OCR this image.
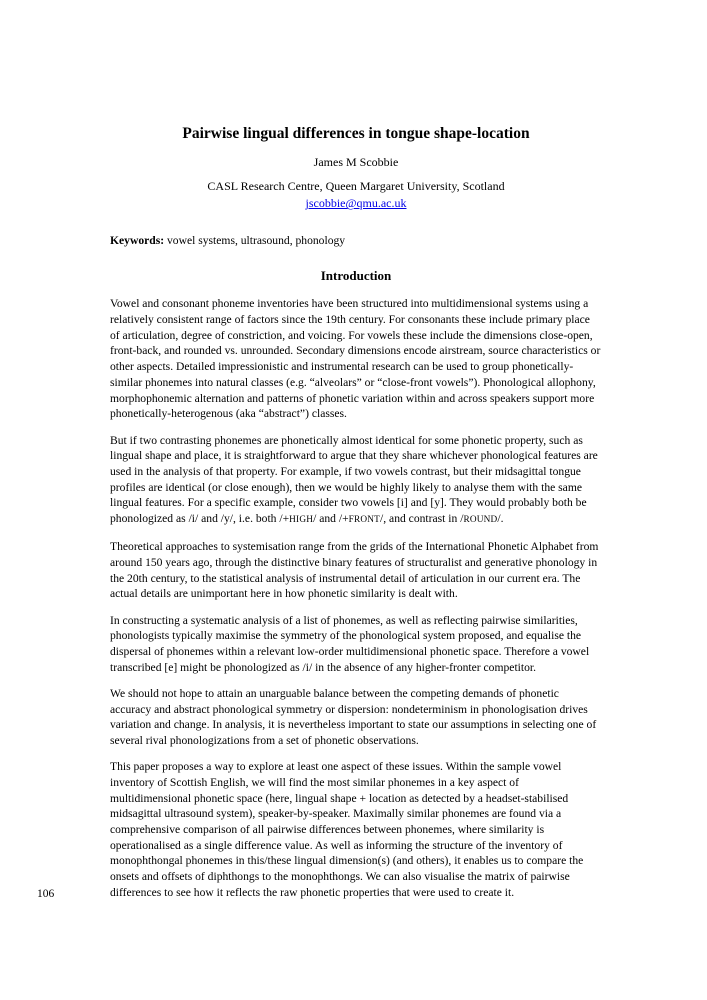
Pairwise lingual differences in tongue shape-location
James M Scobbie
CASL Research Centre, Queen Margaret University, Scotland
jscobbie@qmu.ac.uk

Keywords: vowel systems, ultrasound, phonology

Introduction

Vowel and consonant phoneme inventories have been structured into multidimensional systems using a relatively consistent range of factors since the 19th century. For consonants these include primary place of articulation, degree of constriction, and voicing. For vowels these include the dimensions close-open, front-back, and rounded vs. unrounded. Secondary dimensions encode airstream, source characteristics or other aspects. Detailed impressionistic and instrumental research can be used to group phonetically-similar phonemes into natural classes (e.g. “alveolars” or “close-front vowels”). Phonological allophony, morphophonemic alternation and patterns of phonetic variation within and across speakers support more phonetically-heterogenous (aka “abstract”) classes.

But if two contrasting phonemes are phonetically almost identical for some phonetic property, such as lingual shape and place, it is straightforward to argue that they share whichever phonological features are used in the analysis of that property. For example, if two vowels contrast, but their midsagittal tongue profiles are identical (or close enough), then we would be highly likely to analyse them with the same lingual features. For a specific example, consider two vowels [i] and [y]. They would probably both be phonologized as /i/ and /y/, i.e. both /+HIGH/ and /+FRONT/, and contrast in /ROUND/.

Theoretical approaches to systemisation range from the grids of the International Phonetic Alphabet from around 150 years ago, through the distinctive binary features of structuralist and generative phonology in the 20th century, to the statistical analysis of instrumental detail of articulation in our current era. The actual details are unimportant here in how phonetic similarity is dealt with.

In constructing a systematic analysis of a list of phonemes, as well as reflecting pairwise similarities, phonologists typically maximise the symmetry of the phonological system proposed, and equalise the dispersal of phonemes within a relevant low-order multidimensional phonetic space. Therefore a vowel transcribed [e] might be phonologized as /i/ in the absence of any higher-fronter competitor.

We should not hope to attain an unarguable balance between the competing demands of phonetic accuracy and abstract phonological symmetry or dispersion: nondeterminism in phonologisation drives variation and change. In analysis, it is nevertheless important to state our assumptions in selecting one of several rival phonologizations from a set of phonetic observations.

This paper proposes a way to explore at least one aspect of these issues. Within the sample vowel inventory of Scottish English, we will find the most similar phonemes in a key aspect of multidimensional phonetic space (here, lingual shape + location as detected by a headset-stabilised midsagittal ultrasound system), speaker-by-speaker. Maximally similar phonemes are found via a comprehensive comparison of all pairwise differences between phonemes, where similarity is operationalised as a single difference value. As well as informing the structure of the inventory of monophthongal phonemes in this/these lingual dimension(s) (and others), it enables us to compare the onsets and offsets of diphthongs to the monophthongs. We can also visualise the matrix of pairwise differences to see how it reflects the raw phonetic properties that were used to create it.

106
